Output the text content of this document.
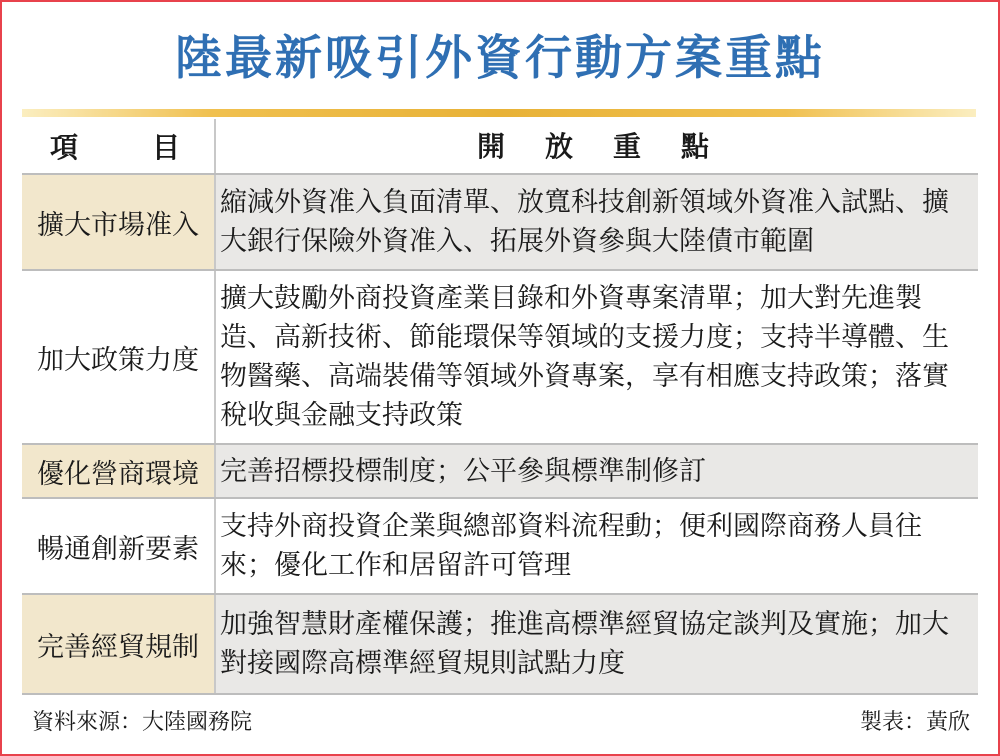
陸最新吸引外資行動方案重點
項　　目	開　放　重　點
擴大市場准入
縮減外資准入負面清單、放寬科技創新領域外資准入試點、擴大銀行保險外資准入、拓展外資參與大陸債市範圍
加大政策力度
擴大鼓勵外商投資產業目錄和外資專案清單；加大對先進製造、高新技術、節能環保等領域的支援力度；支持半導體、生物醫藥、高端裝備等領域外資專案，享有相應支持政策；落實稅收與金融支持政策
優化營商環境 完善招標投標制度；公平參與標準制修訂
暢通創新要素
支持外商投資企業與總部資料流程動；便利國際商務人員往來；優化工作和居留許可管理
完善經貿規制
加強智慧財產權保護；推進高標準經貿協定談判及實施；加大對接國際高標準經貿規則試點力度
資料來源：大陸國務院	製表：黃欣
